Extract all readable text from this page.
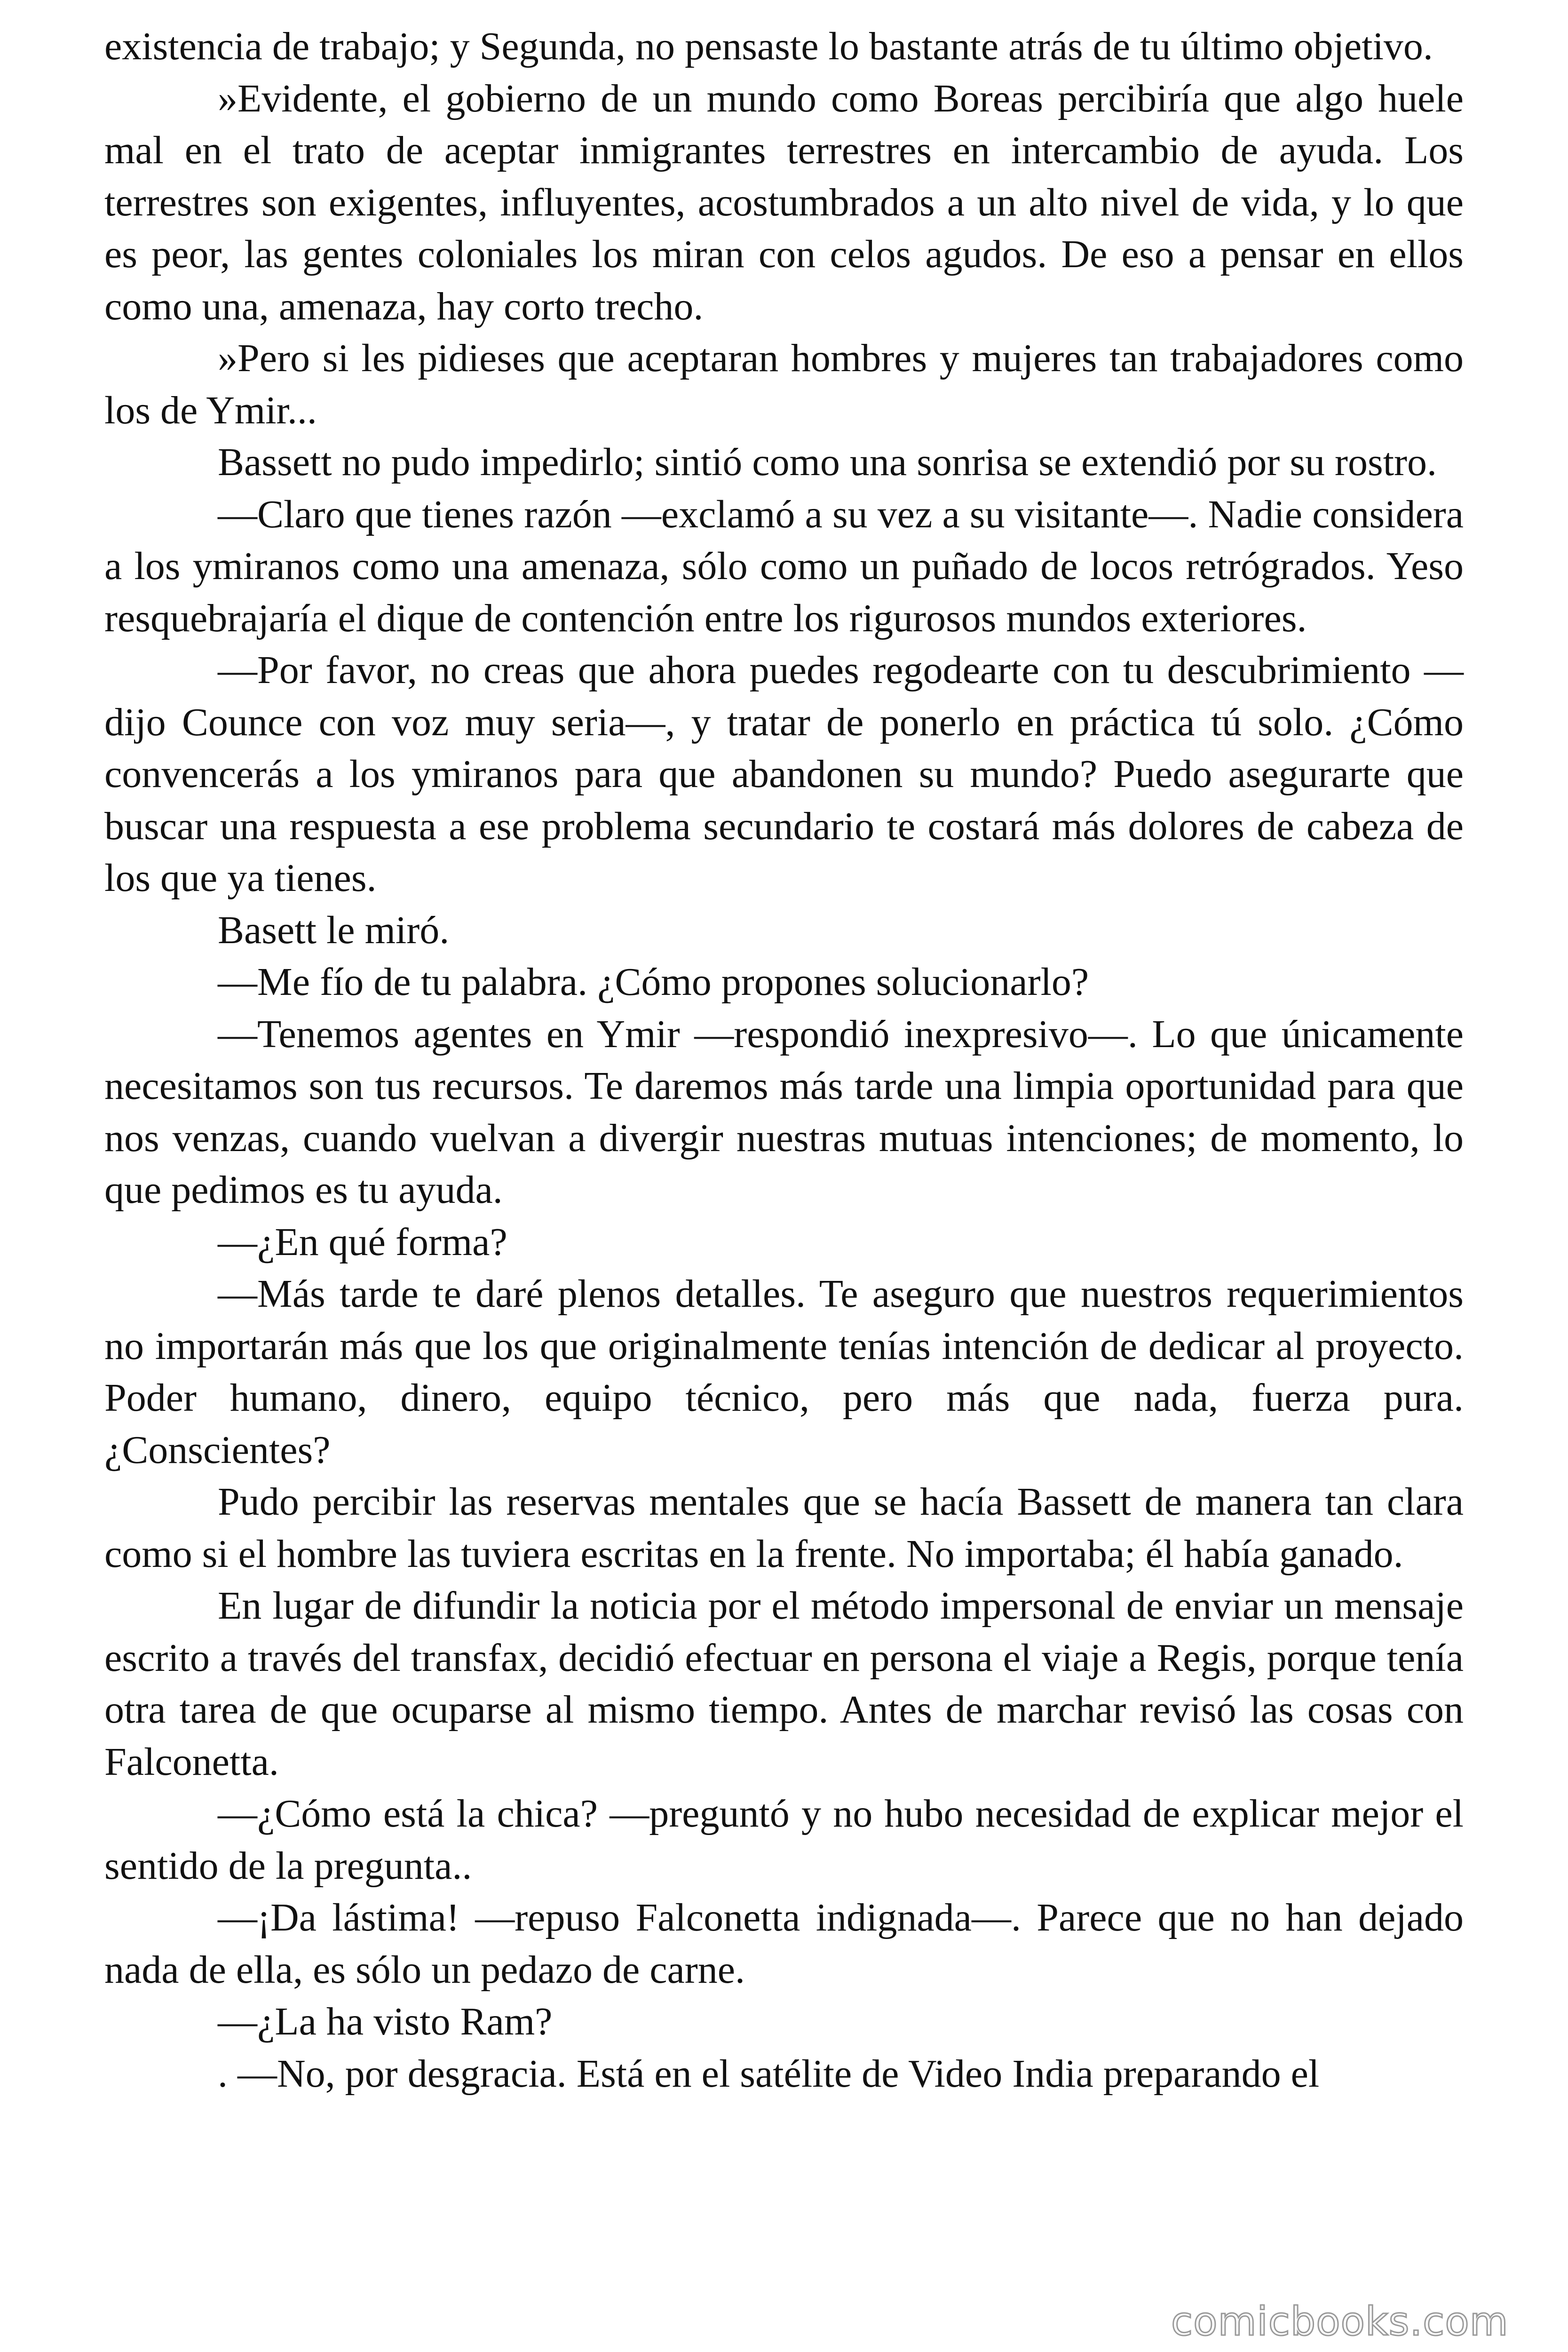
existencia de trabajo; y Segunda, no pensaste lo bastante atrás de tu último objetivo.

»Evidente, el gobierno de un mundo como Boreas percibiría que algo huele mal en el trato de aceptar inmigrantes terrestres en intercambio de ayuda. Los terrestres son exigentes, influyentes, acostumbrados a un alto nivel de vida, y lo que es peor, las gentes coloniales los miran con celos agudos. De eso a pensar en ellos como una, amenaza, hay corto trecho.

»Pero si les pidieses que aceptaran hombres y mujeres tan trabajadores como los de Ymir...

Bassett no pudo impedirlo; sintió como una sonrisa se extendió por su rostro.

—Claro que tienes razón —exclamó a su vez a su visitante—. Nadie considera a los ymiranos como una amenaza, sólo como un puñado de locos retrógrados. Yeso resquebrajaría el dique de contención entre los rigurosos mundos exteriores.

—Por favor, no creas que ahora puedes regodearte con tu descubrimiento —dijo Counce con voz muy seria—, y tratar de ponerlo en práctica tú solo. ¿Cómo convencerás a los ymiranos para que abandonen su mundo? Puedo asegurarte que buscar una respuesta a ese problema secundario te costará más dolores de cabeza de los que ya tienes.

Basett le miró.

—Me fío de tu palabra. ¿Cómo propones solucionarlo?

—Tenemos agentes en Ymir —respondió inexpresivo—. Lo que únicamente necesitamos son tus recursos. Te daremos más tarde una limpia oportunidad para que nos venzas, cuando vuelvan a divergir nuestras mutuas intenciones; de momento, lo que pedimos es tu ayuda.

—¿En qué forma?

—Más tarde te daré plenos detalles. Te aseguro que nuestros requerimientos no importarán más que los que originalmente tenías intención de dedicar al proyecto. Poder humano, dinero, equipo técnico, pero más que nada, fuerza pura. ¿Conscientes?

Pudo percibir las reservas mentales que se hacía Bassett de manera tan clara como si el hombre las tuviera escritas en la frente. No importaba; él había ganado.

En lugar de difundir la noticia por el método impersonal de enviar un mensaje escrito a través del transfax, decidió efectuar en persona el viaje a Regis, porque tenía otra tarea de que ocuparse al mismo tiempo. Antes de marchar revisó las cosas con Falconetta.

—¿Cómo está la chica? —preguntó y no hubo necesidad de explicar mejor el sentido de la pregunta..

—¡Da lástima! —repuso Falconetta indignada—. Parece que no han dejado nada de ella, es sólo un pedazo de carne.

—¿La ha visto Ram?

. —No, por desgracia. Está en el satélite de Video India preparando el

comicbooks.com
